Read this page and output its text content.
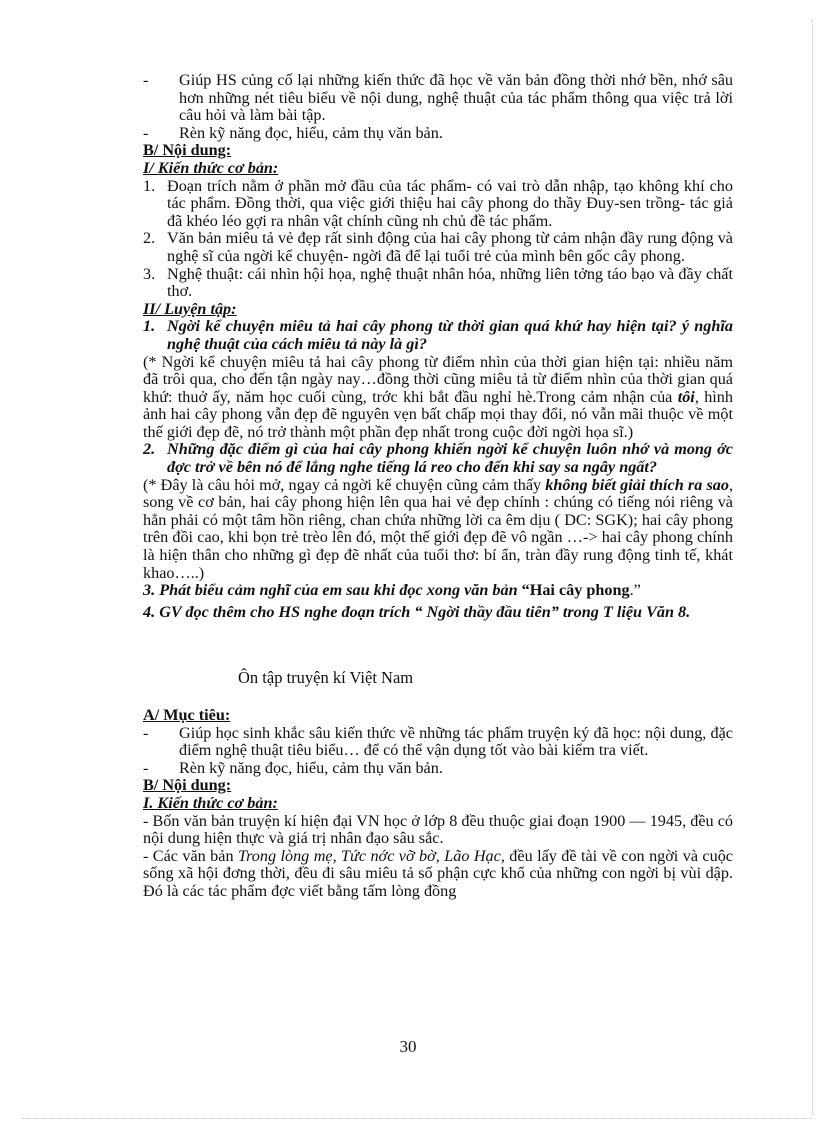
- Giúp HS củng cố lại những kiến thức đã học về văn bản đồng thời nhớ bền, nhớ sâu hơn những nét tiêu biểu về nội dung, nghệ thuật của tác phẩm thông qua việc trả lời câu hỏi và làm bài tập.

- Rèn kỹ năng đọc, hiểu, cảm thụ văn bản.

B/ Nội dung:

I/ Kiến thức cơ bản:

1. Đoạn trích nằm ở phần mở đầu của tác phẩm- có vai trò dẫn nhập, tạo không khí cho tác phẩm. Đồng thời, qua việc giới thiệu hai cây phong do thầy Đuy-sen trồng- tác giả đã khéo léo gợi ra nhân vật chính cũng nh chủ đề tác phẩm.

2. Văn bản miêu tả vẻ đẹp rất sinh động của hai cây phong từ cảm nhận đầy rung động và nghệ sĩ của ngời kể chuyện- ngời đã để lại tuổi trẻ của mình bên gốc cây phong.

3. Nghệ thuật: cái nhìn hội họa, nghệ thuật nhân hóa, những liên tởng táo bạo và đầy chất thơ.

II/ Luyện tập:

1. Ngời kể chuyện miêu tả hai cây phong từ thời gian quá khứ hay hiện tại? ý nghĩa nghệ thuật của cách miêu tả này là gì?

(* Ngời kể chuyện miêu tả hai cây phong từ điểm nhìn của thời gian hiện tại: nhiều năm đã trôi qua, cho đến tận ngày nay…đồng thời cũng miêu tả từ điểm nhìn của thời gian quá khứ: thuở ấy, năm học cuối cùng, trớc khi bắt đầu nghỉ hè.Trong cảm nhận của tôi, hình ảnh hai cây phong vẫn đẹp đẽ nguyên vẹn bất chấp mọi thay đổi, nó vẫn mãi thuộc về một thế giới đẹp đẽ, nó trở thành một phần đẹp nhất trong cuộc đời ngời họa sĩ.)

2. Những đặc điểm gì của hai cây phong khiến ngời kể chuyện luôn nhớ và mong ớc đợc trở về bên nó để lắng nghe tiếng lá reo cho đến khi say sa ngây ngất?

(* Đây là câu hỏi mở, ngay cả ngời kể chuyện cũng cảm thấy không biết giải thích ra sao, song về cơ bản, hai cây phong hiện lên qua hai vẻ đẹp chính : chúng có tiếng nói riêng và hẳn phải có một tâm hồn riêng, chan chứa những lời ca êm dịu ( DC: SGK); hai cây phong trên đồi cao, khi bọn trẻ trèo lên đó, một thế giới đẹp đẽ vô ngần …-> hai cây phong chính là hiện thân cho những gì đẹp đẽ nhất của tuổi thơ: bí ẩn, tràn đầy rung động tinh tế, khát khao…..)

3. Phát biểu cảm nghĩ của em sau khi đọc xong văn bản “Hai cây phong.”

4. GV đọc thêm cho HS nghe đoạn trích “ Ngời thầy đầu tiên” trong T liệu Văn 8.

Ôn tập truyện kí Việt Nam

A/ Mục tiêu:

- Giúp học sinh khắc sâu kiến thức về những tác phẩm truyện ký đã học: nội dung, đặc điểm nghệ thuật tiêu biểu… để có thể vận dụng tốt vào bài kiểm tra viết.

- Rèn kỹ năng đọc, hiểu, cảm thụ văn bản.

B/ Nội dung:

I. Kiến thức cơ bản:

- Bốn văn bản truyện kí hiện đại VN học ở lớp 8 đều thuộc giai đoạn 1900 — 1945, đều có nội dung hiện thực và giá trị nhân đạo sâu sắc.

- Các văn bản Trong lòng mẹ, Tức nớc vỡ bờ, Lão Hạc, đều lấy đề tài về con ngời và cuộc sống xã hội đơng thời, đều đi sâu miêu tả số phận cực khổ của những con ngời bị vùi dập. Đó là các tác phẩm đợc viết bằng tấm lòng đồng

30
